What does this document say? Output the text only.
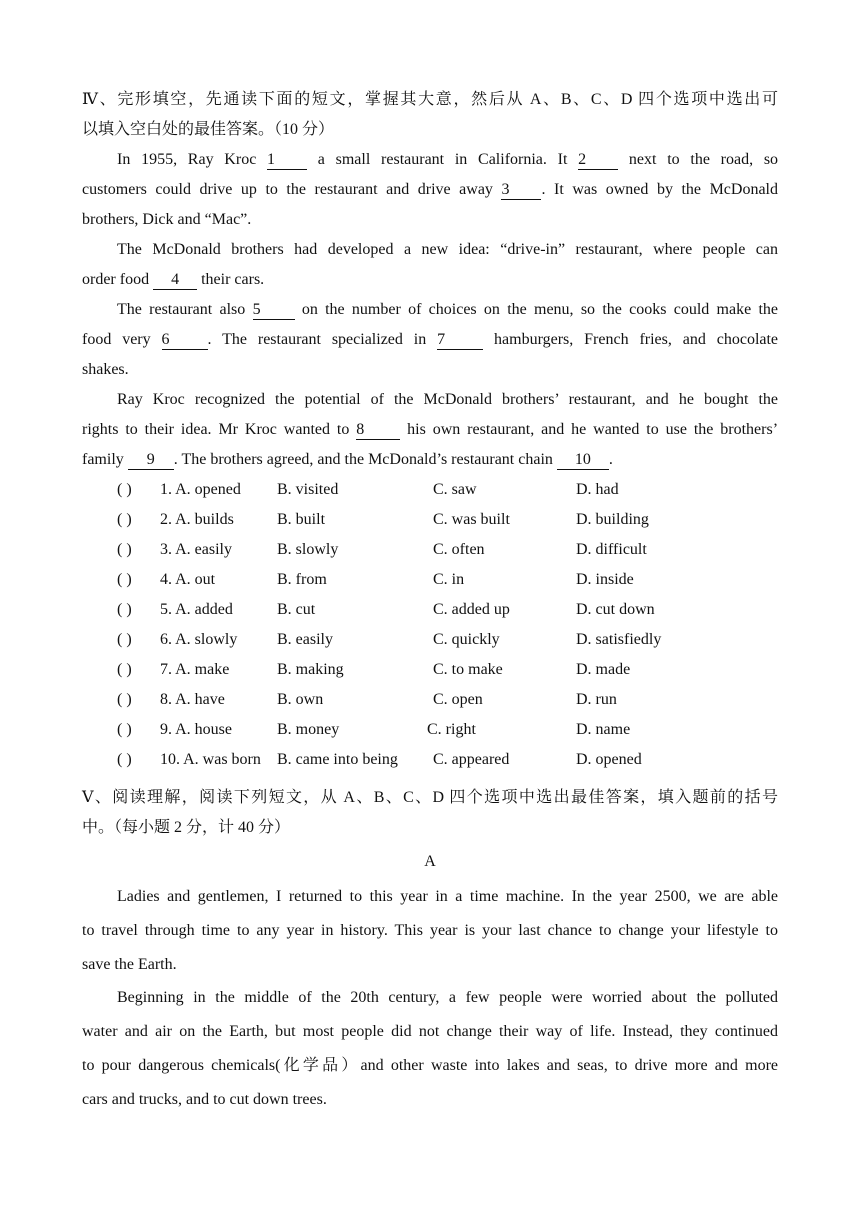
Ⅳ、完形填空，先通读下面的短文，掌握其大意，然后从 A、B、C、D 四个选项中选出可
以填入空白处的最佳答案。（10 分）
In 1955, Ray Kroc 1	a small restaurant in California. It 2	next to the road, so
customers could drive up to the restaurant and drive away 3 . It was owned by the McDonald
brothers, Dick and “Mac”.
The McDonald brothers had developed a new idea: “drive-in” restaurant, where people can
order food 4 their cars.
The restaurant also 5	on the number of choices on the menu, so the cooks could make the
food very 6 . The restaurant specialized in 7	hamburgers, French fries, and chocolate
shakes.
Ray Kroc recognized the potential of the McDonald brothers’ restaurant, and he bought the
rights to their idea. Mr Kroc wanted to 8	his own restaurant, and he wanted to use the brothers’
family 9 . The brothers agreed, and the McDonald’s restaurant chain 10 .
( ) 1. A. opened B. visited	C. saw	D. had
( ) 2. A. builds	B. built	C. was built	D. building
( ) 3. A. easily	B. slowly	C. often	D. difficult
( ) 4. A. out	B. from	C. in	D. inside
( ) 5. A. added	B. cut	C. added up	D. cut down
( ) 6. A. slowly B. easily	C. quickly	D. satisfiedly
( ) 7. A. make	B. making	C. to make	D. made
( ) 8. A. have	B. own	C. open	D. run
( ) 9. A. house	B. money	C. right	D. name
( ) 10. A. was born B. came into being C. appeared	D. opened
Ⅴ、阅读理解，阅读下列短文，从 A、B、C、D 四个选项中选出最佳答案，填入题前的括号
中。（每小题 2 分，计 40 分）
A
Ladies and gentlemen, I returned to this year in a time machine. In the year 2500, we are able
to travel through time to any year in history. This year is your last chance to change your lifestyle to
save the Earth.
Beginning in the middle of the 20th century, a few people were worried about the polluted
water and air on the Earth, but most people did not change their way of life. Instead, they continued
to pour dangerous chemicals(化学品）and other waste into lakes and seas, to drive more and more
cars and trucks, and to cut down trees.
